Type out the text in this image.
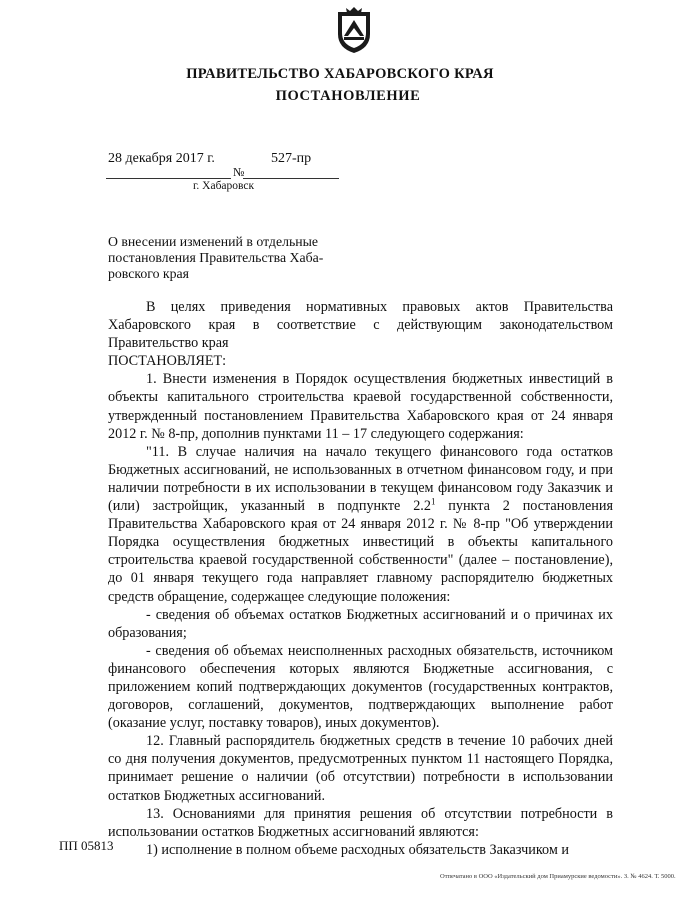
ПРАВИТЕЛЬСТВО ХАБАРОВСКОГО КРАЯ
ПОСТАНОВЛЕНИЕ
28 декабря 2017 г.
№
527-пр
г. Хабаровск
О внесении изменений в отдельные
постановления Правительства Хаба-
ровского края

В целях приведения нормативных правовых актов Правительства Хабаровского края в соответствие с действующим законодательством Правительство края

ПОСТАНОВЛЯЕТ:

1. Внести изменения в Порядок осуществления бюджетных инвестиций в объекты капитального строительства краевой государственной собственности, утвержденный постановлением Правительства Хабаровского края от 24 января 2012 г. № 8-пр, дополнив пунктами 11 – 17 следующего содержания:

"11. В случае наличия на начало текущего финансового года остатков Бюджетных ассигнований, не использованных в отчетном финансовом году, и при наличии потребности в их использовании в текущем финансовом году Заказчик и (или) застройщик, указанный в подпункте $2.2^1$ пункта 2 постановления Правительства Хабаровского края от 24 января 2012 г. № 8-пр "Об утверждении Порядка осуществления бюджетных инвестиций в объекты капитального строительства краевой государственной собственности" (далее – постановление), до 01 января текущего года направляет главному распорядителю бюджетных средств обращение, содержащее следующие положения:

- сведения об объемах остатков Бюджетных ассигнований и о причинах их образования;

- сведения об объемах неисполненных расходных обязательств, источником финансового обеспечения которых являются Бюджетные ассигнования, с приложением копий подтверждающих документов (государственных контрактов, договоров, соглашений, документов, подтверждающих выполнение работ (оказание услуг, поставку товаров), иных документов).

12. Главный распорядитель бюджетных средств в течение 10 рабочих дней со дня получения документов, предусмотренных пунктом 11 настоящего Порядка, принимает решение о наличии (об отсутствии) потребности в использовании остатков Бюджетных ассигнований.

13. Основаниями для принятия решения об отсутствии потребности в использовании остатков Бюджетных ассигнований являются:

1) исполнение в полном объеме расходных обязательств Заказчиком и

ПП 05813
Отпечатано в ООО «Издательский дом Приамурские ведомости». З. № 4624. Т. 5000.
